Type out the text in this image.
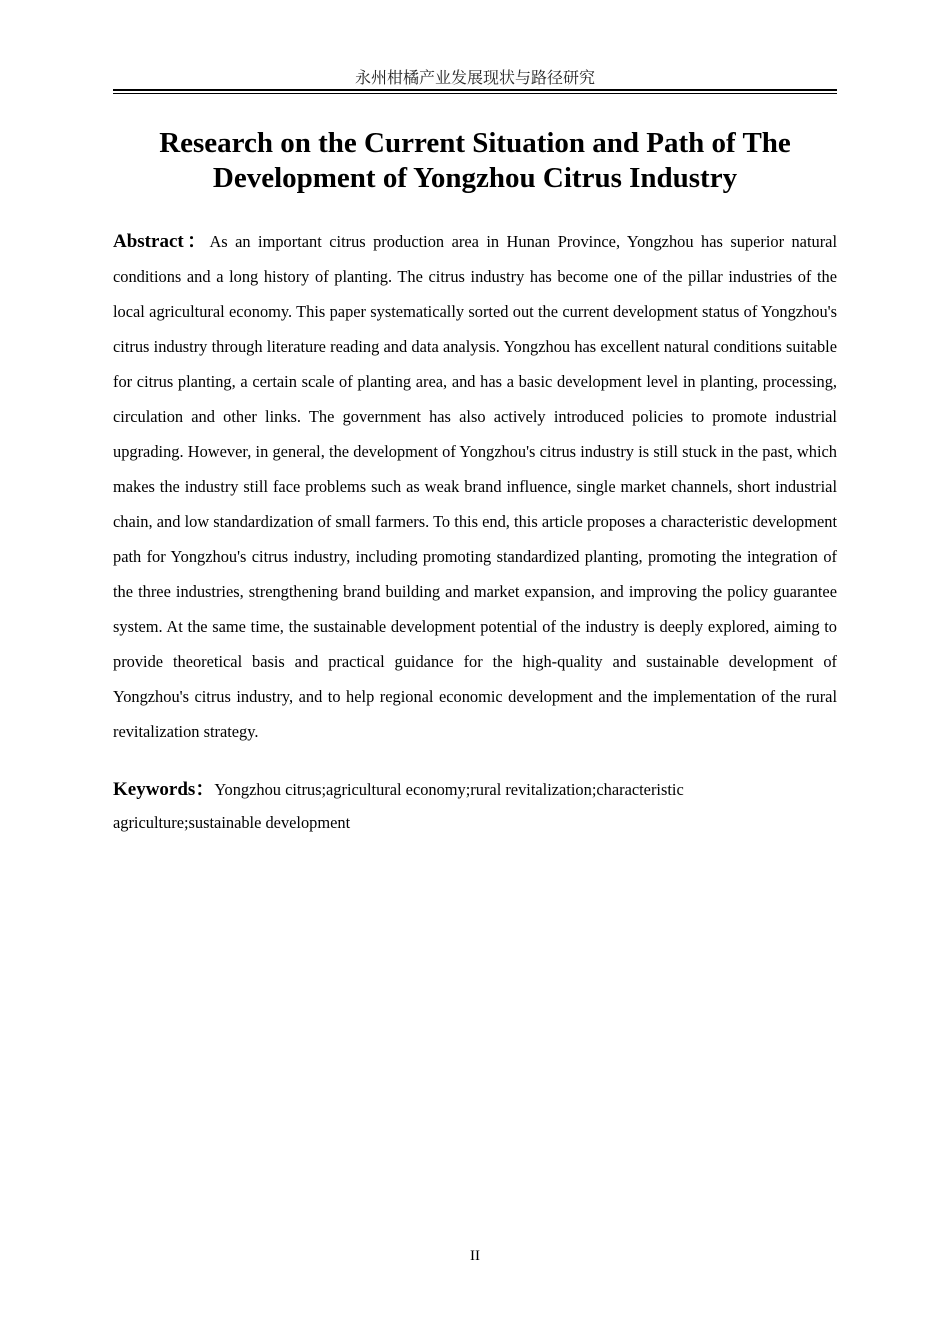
永州柑橘产业发展现状与路径研究
Research on the Current Situation and Path of The Development of Yongzhou Citrus Industry

Abstract：As an important citrus production area in Hunan Province, Yongzhou has superior natural conditions and a long history of planting. The citrus industry has become one of the pillar industries of the local agricultural economy. This paper systematically sorted out the current development status of Yongzhou's citrus industry through literature reading and data analysis. Yongzhou has excellent natural conditions suitable for citrus planting, a certain scale of planting area, and has a basic development level in planting, processing, circulation and other links. The government has also actively introduced policies to promote industrial upgrading. However, in general, the development of Yongzhou's citrus industry is still stuck in the past, which makes the industry still face problems such as weak brand influence, single market channels, short industrial chain, and low standardization of small farmers. To this end, this article proposes a characteristic development path for Yongzhou's citrus industry, including promoting standardized planting, promoting the integration of the three industries, strengthening brand building and market expansion, and improving the policy guarantee system. At the same time, the sustainable development potential of the industry is deeply explored, aiming to provide theoretical basis and practical guidance for the high-quality and sustainable development of Yongzhou's citrus industry, and to help regional economic development and the implementation of the rural revitalization strategy.

Keywords：Yongzhou citrus;agricultural economy;rural revitalization;characteristic agriculture;sustainable development

II
